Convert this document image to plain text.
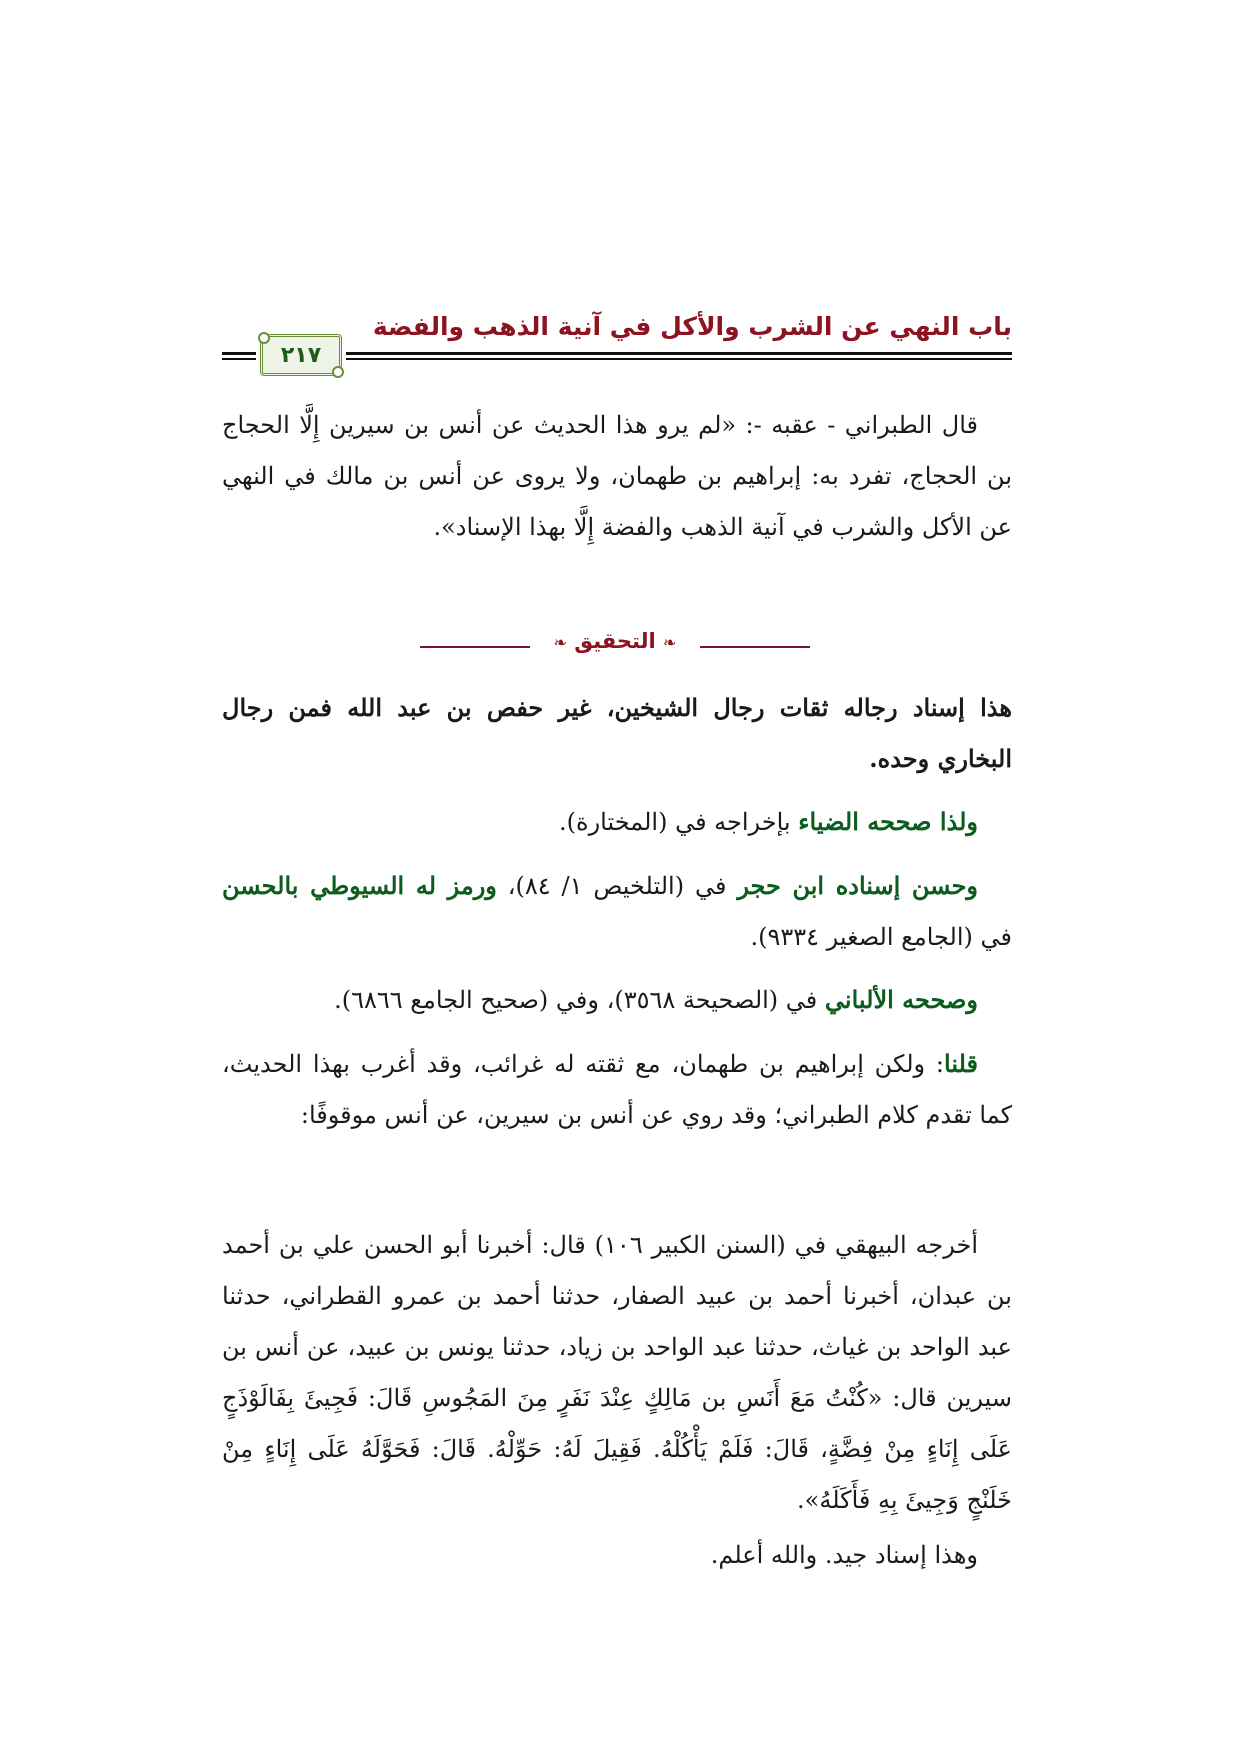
باب النهي عن الشرب والأكل في آنية الذهب والفضة
٢١٧

قال الطبراني - عقبه -: «لم يرو هذا الحديث عن أنس بن سيرين إِلَّا الحجاج بن الحجاج، تفرد به: إبراهيم بن طهمان، ولا يروى عن أنس بن مالك في النهي عن الأكل والشرب في آنية الذهب والفضة إِلَّا بهذا الإسناد».

❧ التحقيق ❧

هذا إسناد رجاله ثقات رجال الشيخين، غير حفص بن عبد الله فمن رجال البخاري وحده.

ولذا صححه الضياء بإخراجه في (المختارة).

وحسن إسناده ابن حجر في (التلخيص ١/ ٨٤)، ورمز له السيوطي بالحسن في (الجامع الصغير ٩٣٣٤).

وصححه الألباني في (الصحيحة ٣٥٦٨)، وفي (صحيح الجامع ٦٨٦٦).

قلنا: ولكن إبراهيم بن طهمان، مع ثقته له غرائب، وقد أغرب بهذا الحديث، كما تقدم كلام الطبراني؛ وقد روي عن أنس بن سيرين، عن أنس موقوفًا:

أخرجه البيهقي في (السنن الكبير ١٠٦) قال: أخبرنا أبو الحسن علي بن أحمد بن عبدان، أخبرنا أحمد بن عبيد الصفار، حدثنا أحمد بن عمرو القطراني، حدثنا عبد الواحد بن غياث، حدثنا عبد الواحد بن زياد، حدثنا يونس بن عبيد، عن أنس بن سيرين قال: «كُنْتُ مَعَ أَنَسِ بن مَالِكٍ عِنْدَ نَفَرٍ مِنَ المَجُوسِ قَالَ: فَجِيئَ بِفَالَوْذَجٍ عَلَى إِنَاءٍ مِنْ فِضَّةٍ، قَالَ: فَلَمْ يَأْكُلْهُ. فَقِيلَ لَهُ: حَوِّلْهُ. قَالَ: فَحَوَّلَهُ عَلَى إِنَاءٍ مِنْ خَلَنْجٍ وَجِيئَ بِهِ فَأَكَلَهُ».

وهذا إسناد جيد. والله أعلم.
